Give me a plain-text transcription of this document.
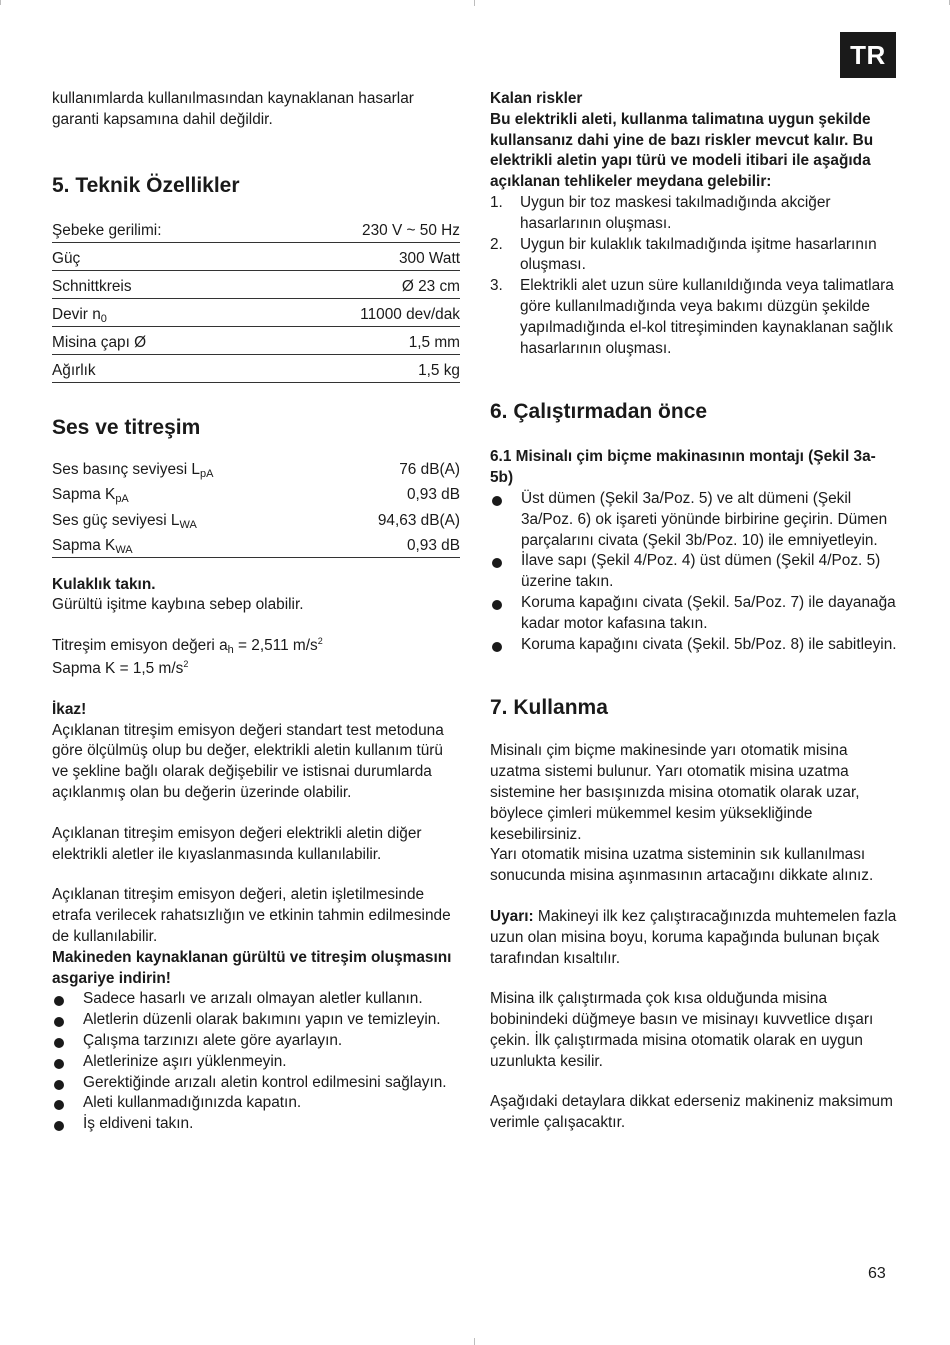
TR

kullanımlarda kullanılmasından kaynaklanan hasarlar garanti kapsamına dahil değildir.

5. Teknik Özellikler
Şebeke gerilimi:	230 V ~ 50 Hz
Güç	300 Watt
Schnittkreis	Ø 23 cm
Devir $n_0$	11000 dev/dak
Misina çapı Ø	1,5 mm
Ağırlık	1,5 kg
Ses ve titreşim
Ses basınç seviyesi $L_{pA}$	76 dB(A)
Sapma $K_{pA}$	0,93 dB
Ses güç seviyesi $L_{WA}$	94,63 dB(A)
Sapma $K_{WA}$	0,93 dB

Kulaklık takın.

Gürültü işitme kaybına sebep olabilir.

Titreşim emisyon değeri $a_h = 2,511$ $m/s^2$

Sapma K = 1,5 $m/s^2$

İkaz!

Açıklanan titreşim emisyon değeri standart test metoduna göre ölçülmüş olup bu değer, elektrikli aletin kullanım türü ve şekline bağlı olarak değişebilir ve istisnai durumlarda açıklanmış olan bu değerin üzerinde olabilir.

Açıklanan titreşim emisyon değeri elektrikli aletin diğer elektrikli aletler ile kıyaslanmasında kullanılabilir.

Açıklanan titreşim emisyon değeri, aletin işletilmesinde etrafa verilecek rahatsızlığın ve etkinin tahmin edilmesinde de kullanılabilir.

Makineden kaynaklanan gürültü ve titreşim oluşmasını asgariye indirin!

Sadece hasarlı ve arızalı olmayan aletler kullanın.
Aletlerin düzenli olarak bakımını yapın ve temizleyin.
Çalışma tarzınızı alete göre ayarlayın.
Aletlerinize aşırı yüklenmeyin.
Gerektiğinde arızalı aletin kontrol edilmesini sağlayın.
Aleti kullanmadığınızda kapatın.
İş eldiveni takın.

Kalan riskler

Bu elektrikli aleti, kullanma talimatına uygun şekilde kullansanız dahi yine de bazı riskler mevcut kalır. Bu elektrikli aletin yapı türü ve modeli itibari ile aşağıda açıklanan tehlikeler meydana gelebilir:

1. Uygun bir toz maskesi takılmadığında akciğer hasarlarının oluşması.
2. Uygun bir kulaklık takılmadığında işitme hasarlarının oluşması.
3. Elektrikli alet uzun süre kullanıldığında veya talimatlara göre kullanılmadığında veya bakımı düzgün şekilde yapılmadığında el-kol titreşiminden kaynaklanan sağlık hasarlarının oluşması.
6. Çalıştırmadan önce

6.1 Misinalı çim biçme makinasının montajı (Şekil 3a-5b)

Üst dümen (Şekil 3a/Poz. 5) ve alt dümeni (Şekil 3a/Poz. 6) ok işareti yönünde birbirine geçirin. Dümen parçalarını civata (Şekil 3b/Poz. 10) ile emniyetleyin.
İlave sapı (Şekil 4/Poz. 4) üst dümen (Şekil 4/Poz. 5) üzerine takın.
Koruma kapağını civata (Şekil. 5a/Poz. 7) ile dayanağa kadar motor kafasına takın.
Koruma kapağını civata (Şekil. 5b/Poz. 8) ile sabitleyin.
7. Kullanma

Misinalı çim biçme makinesinde yarı otomatik misina uzatma sistemi bulunur. Yarı otomatik misina uzatma sistemine her basışınızda misina otomatik olarak uzar, böylece çimleri mükemmel kesim yüksekliğinde kesebilirsiniz.

Yarı otomatik misina uzatma sisteminin sık kullanılması sonucunda misina aşınmasının artacağını dikkate alınız.

Uyarı: Makineyi ilk kez çalıştıracağınızda muhtemelen fazla uzun olan misina boyu, koruma kapağında bulunan bıçak tarafından kısaltılır.

Misina ilk çalıştırmada çok kısa olduğunda misina bobinindeki düğmeye basın ve misinayı kuvvetlice dışarı çekin. İlk çalıştırmada misina otomatik olarak en uygun uzunlukta kesilir.

Aşağıdaki detaylara dikkat ederseniz makineniz maksimum verimle çalışacaktır.

63
